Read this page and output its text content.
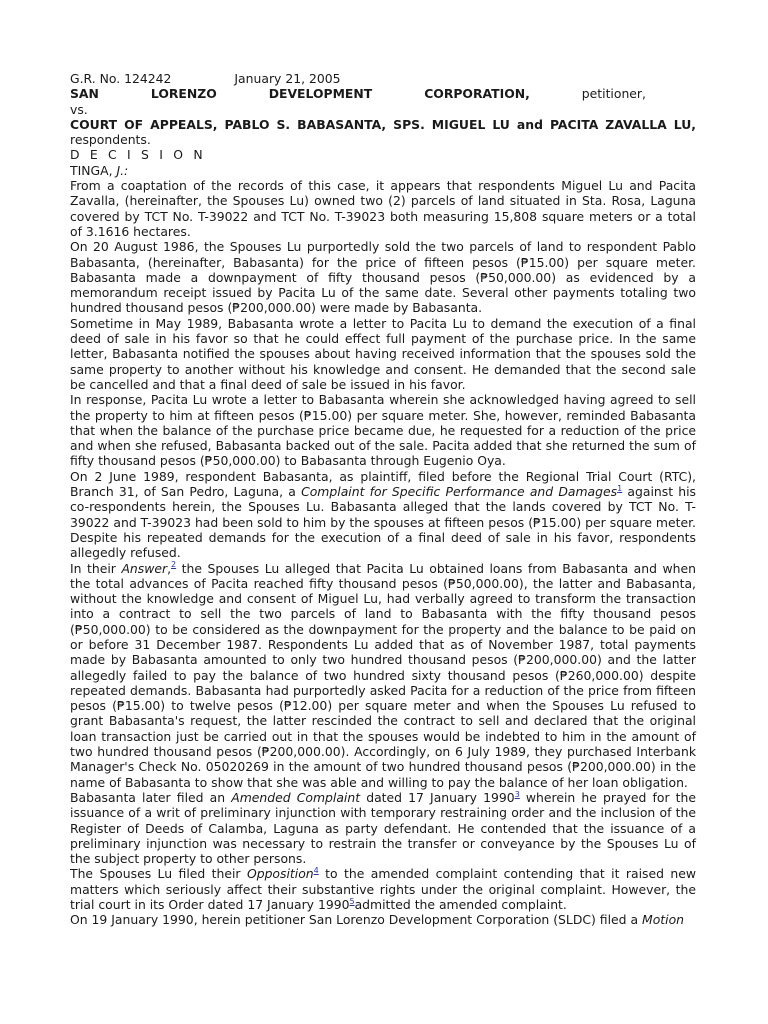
G.R. No. 124242	January 21, 2005
SAN	LORENZO	DEVELOPMENT	CORPORATION,	petitioner,
vs.
COURT OF APPEALS, PABLO S. BABASANTA, SPS. MIGUEL LU and PACITA ZAVALLA LU,
respondents.
D E C I S I O N
TINGA, J.:
From a coaptation of the records of this case, it appears that respondents Miguel Lu and Pacita Zavalla, (hereinafter, the Spouses Lu) owned two (2) parcels of land situated in Sta. Rosa, Laguna covered by TCT No. T-39022 and TCT No. T-39023 both measuring 15,808 square meters or a total of 3.1616 hectares.
On 20 August 1986, the Spouses Lu purportedly sold the two parcels of land to respondent Pablo Babasanta, (hereinafter, Babasanta) for the price of fifteen pesos (₱15.00) per square meter. Babasanta made a downpayment of fifty thousand pesos (₱50,000.00) as evidenced by a memorandum receipt issued by Pacita Lu of the same date. Several other payments totaling two hundred thousand pesos (₱200,000.00) were made by Babasanta.
Sometime in May 1989, Babasanta wrote a letter to Pacita Lu to demand the execution of a final deed of sale in his favor so that he could effect full payment of the purchase price. In the same letter, Babasanta notified the spouses about having received information that the spouses sold the same property to another without his knowledge and consent. He demanded that the second sale be cancelled and that a final deed of sale be issued in his favor.
In response, Pacita Lu wrote a letter to Babasanta wherein she acknowledged having agreed to sell the property to him at fifteen pesos (₱15.00) per square meter. She, however, reminded Babasanta that when the balance of the purchase price became due, he requested for a reduction of the price and when she refused, Babasanta backed out of the sale. Pacita added that she returned the sum of fifty thousand pesos (₱50,000.00) to Babasanta through Eugenio Oya.
On 2 June 1989, respondent Babasanta, as plaintiff, filed before the Regional Trial Court (RTC), Branch 31, of San Pedro, Laguna, a Complaint for Specific Performance and Damages$^1$ against his co-respondents herein, the Spouses Lu. Babasanta alleged that the lands covered by TCT No. T-39022 and T-39023 had been sold to him by the spouses at fifteen pesos (₱15.00) per square meter. Despite his repeated demands for the execution of a final deed of sale in his favor, respondents allegedly refused.
In their Answer,$^2$ the Spouses Lu alleged that Pacita Lu obtained loans from Babasanta and when the total advances of Pacita reached fifty thousand pesos (₱50,000.00), the latter and Babasanta, without the knowledge and consent of Miguel Lu, had verbally agreed to transform the transaction into a contract to sell the two parcels of land to Babasanta with the fifty thousand pesos (₱50,000.00) to be considered as the downpayment for the property and the balance to be paid on or before 31 December 1987. Respondents Lu added that as of November 1987, total payments made by Babasanta amounted to only two hundred thousand pesos (₱200,000.00) and the latter allegedly failed to pay the balance of two hundred sixty thousand pesos (₱260,000.00) despite repeated demands. Babasanta had purportedly asked Pacita for a reduction of the price from fifteen pesos (₱15.00) to twelve pesos (₱12.00) per square meter and when the Spouses Lu refused to grant Babasanta's request, the latter rescinded the contract to sell and declared that the original loan transaction just be carried out in that the spouses would be indebted to him in the amount of two hundred thousand pesos (₱200,000.00). Accordingly, on 6 July 1989, they purchased Interbank Manager's Check No. 05020269 in the amount of two hundred thousand pesos (₱200,000.00) in the name of Babasanta to show that she was able and willing to pay the balance of her loan obligation.
Babasanta later filed an Amended Complaint dated 17 January 1990$^3$ wherein he prayed for the issuance of a writ of preliminary injunction with temporary restraining order and the inclusion of the Register of Deeds of Calamba, Laguna as party defendant. He contended that the issuance of a preliminary injunction was necessary to restrain the transfer or conveyance by the Spouses Lu of the subject property to other persons.
The Spouses Lu filed their Opposition$^4$ to the amended complaint contending that it raised new matters which seriously affect their substantive rights under the original complaint. However, the trial court in its Order dated 17 January 1990$^5$admitted the amended complaint.
On 19 January 1990, herein petitioner San Lorenzo Development Corporation (SLDC) filed a Motion
